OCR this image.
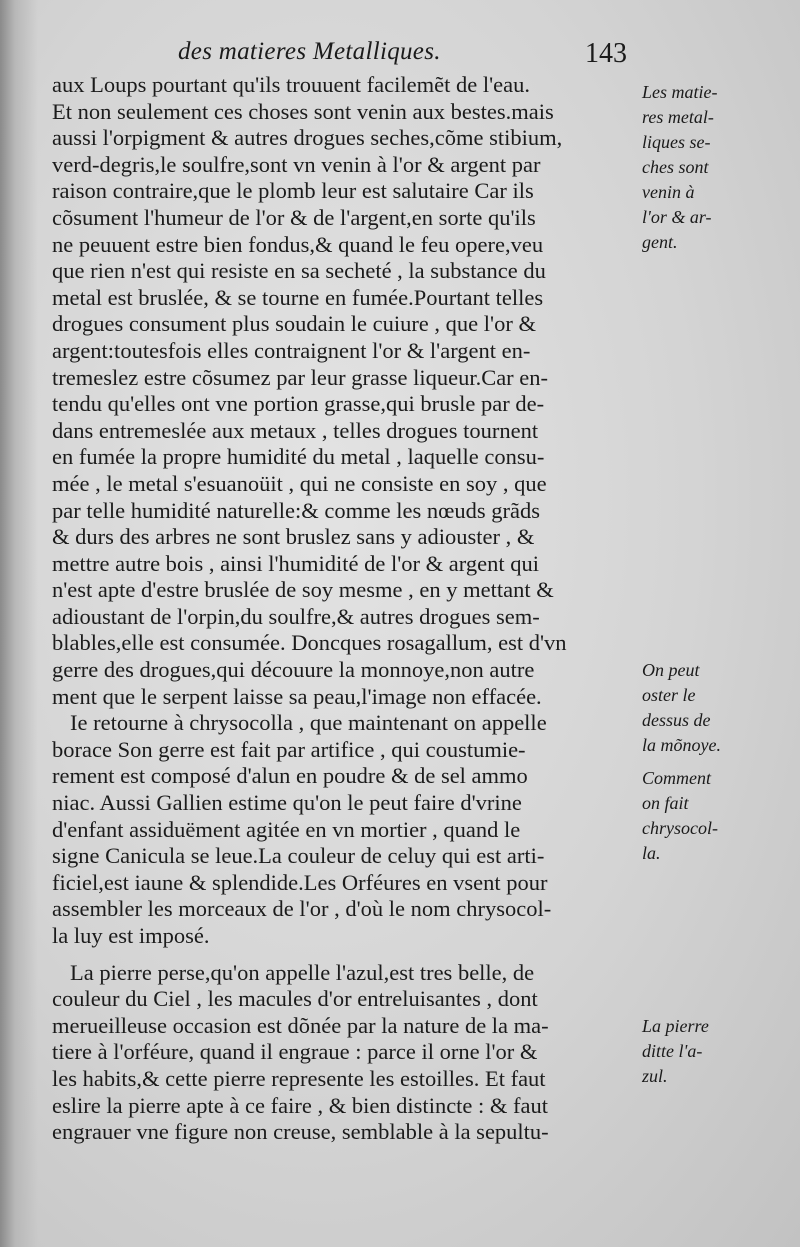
des matieres Metalliques.	143
aux Loups pourtant qu'ils trouuent facilemẽt de l'eau.
Et non seulement ces choses sont venin aux bestes.mais
aussi l'orpigment & autres drogues seches,cõme stibium,
verd-degris,le soulfre,sont vn venin à l'or & argent par
raison contraire,que le plomb leur est salutaire Car ils
cõsument l'humeur de l'or & de l'argent,en sorte qu'ils
ne peuuent estre bien fondus,& quand le feu opere,veu
que rien n'est qui resiste en sa secheté , la substance du
metal est bruslée, & se tourne en fumée.Pourtant telles
drogues consument plus soudain le cuiure , que l'or &
argent:toutesfois elles contraignent l'or & l'argent en-
tremeslez estre cõsumez par leur grasse liqueur.Car en-
tendu qu'elles ont vne portion grasse,qui brusle par de-
dans entremeslée aux metaux , telles drogues tournent
en fumée la propre humidité du metal , laquelle consu-
mée , le metal s'esuanoüit , qui ne consiste en soy , que
par telle humidité naturelle:& comme les nœuds grãds
& durs des arbres ne sont bruslez sans y adiouster , &
mettre autre bois , ainsi l'humidité de l'or & argent qui
n'est apte d'estre bruslée de soy mesme , en y mettant &
adioustant de l'orpin,du soulfre,& autres drogues sem-
blables,elle est consumée. Doncques rosagallum, est d'vn
gerre des drogues,qui découure la monnoye,non autre
ment que le serpent laisse sa peau,l'image non effacée.
Ie retourne à chrysocolla , que maintenant on appelle
borace Son gerre est fait par artifice , qui coustumie-
rement est composé d'alun en poudre & de sel ammo
niac. Aussi Gallien estime qu'on le peut faire d'vrine
d'enfant assiduëment agitée en vn mortier , quand le
signe Canicula se leue.La couleur de celuy qui est arti-
ficiel,est iaune & splendide.Les Orféures en vsent pour
assembler les morceaux de l'or , d'où le nom chrysocol-
la luy est imposé.
La pierre perse,qu'on appelle l'azul,est tres belle, de
couleur du Ciel , les macules d'or entreluisantes , dont
merueilleuse occasion est dõnée par la nature de la ma-
tiere à l'orféure, quand il engraue : parce il orne l'or &
les habits,& cette pierre represente les estoilles. Et faut
eslire la pierre apte à ce faire , & bien distincte : & faut
engrauer vne figure non creuse, semblable à la sepultu-
Les matie-
res metal-
liques se-
ches sont
venin à
l'or & ar-
gent.
On peut
oster le
dessus de
la mõnoye.
Comment
on fait
chrysocol-
la.
La pierre
ditte l'a-
zul.
